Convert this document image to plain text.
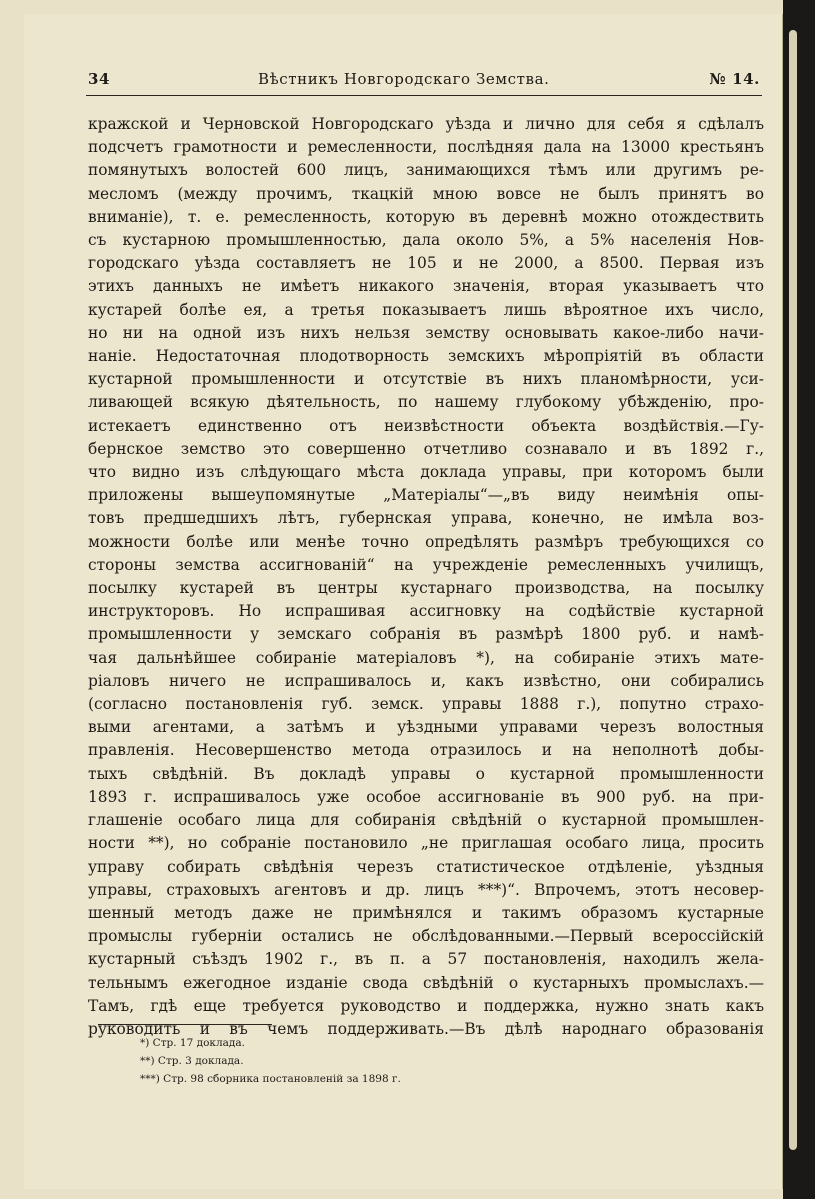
34	Вѣстникъ Новгородскаго Земства.	№ 14.
кражской и Черновской Новгородскаго уѣзда и лично для себя я сдѣлалъ
подсчетъ грамотности и ремесленности, послѣдняя дала на 13000 крестьянъ
помянутыхъ волостей 600 лицъ, занимающихся тѣмъ или другимъ ре-
месломъ (между прочимъ, ткацкій мною вовсе не былъ принятъ во
вниманіе), т. е. ремесленность, которую въ деревнѣ можно отождествить
съ кустарною промышленностью, дала около 5%, а 5% населенія Нов-
городскаго уѣзда составляетъ не 105 и не 2000, а 8500. Первая изъ
этихъ данныхъ не имѣетъ никакого значенія, вторая указываетъ что
кустарей болѣе ея, а третья показываетъ лишь вѣроятное ихъ число,
но ни на одной изъ нихъ нельзя земству основывать какое-либо начи-
наніе. Недостаточная плодотворность земскихъ мѣропріятій въ области
кустарной промышленности и отсутствіе въ нихъ планомѣрности, уси-
ливающей всякую дѣятельность, по нашему глубокому убѣжденію, про-
истекаетъ единственно отъ неизвѣстности объекта воздѣйствія.—Гу-
бернское земство это совершенно отчетливо сознавало и въ 1892 г.,
что видно изъ слѣдующаго мѣста доклада управы, при которомъ были
приложены вышеупомянутые „Матеріалы“—„въ виду неимѣнія опы-
товъ предшедшихъ лѣтъ, губернская управа, конечно, не имѣла воз-
можности болѣе или менѣе точно опредѣлять размѣръ требующихся со
стороны земства ассигнованій“ на учрежденіе ремесленныхъ училищъ,
посылку кустарей въ центры кустарнаго производства, на посылку
инструкторовъ. Но испрашивая ассигновку на содѣйствіе кустарной
промышленности у земскаго собранія въ размѣрѣ 1800 руб. и намѣ-
чая дальнѣйшее собираніе матеріаловъ *), на собираніе этихъ мате-
ріаловъ ничего не испрашивалось и, какъ извѣстно, они собирались
(согласно постановленія губ. земск. управы 1888 г.), попутно страхо-
выми агентами, а затѣмъ и уѣздными управами черезъ волостныя
правленія. Несовершенство метода отразилось и на неполнотѣ добы-
тыхъ свѣдѣній. Въ докладѣ управы о кустарной промышленности
1893 г. испрашивалось уже особое ассигнованіе въ 900 руб. на при-
глашеніе особаго лица для собиранія свѣдѣній о кустарной промышлен-
ности **), но собраніе постановило „не приглашая особаго лица, просить
управу собирать свѣдѣнія черезъ статистическое отдѣленіе, уѣздныя
управы, страховыхъ агентовъ и др. лицъ ***)“. Впрочемъ, этотъ несовер-
шенный методъ даже не примѣнялся и такимъ образомъ кустарные
промыслы губерніи остались не обслѣдованными.—Первый всероссійскій
кустарный съѣздъ 1902 г., въ п. а 57 постановленія, находилъ жела-
тельнымъ ежегодное изданіе свода свѣдѣній о кустарныхъ промыслахъ.—
Тамъ, гдѣ еще требуется руководство и поддержка, нужно знать какъ
руководить и въ чемъ поддерживать.—Въ дѣлѣ народнаго образованія
*) Стр. 17 доклада.
**) Стр. 3 доклада.
***) Стр. 98 сборника постановленій за 1898 г.
